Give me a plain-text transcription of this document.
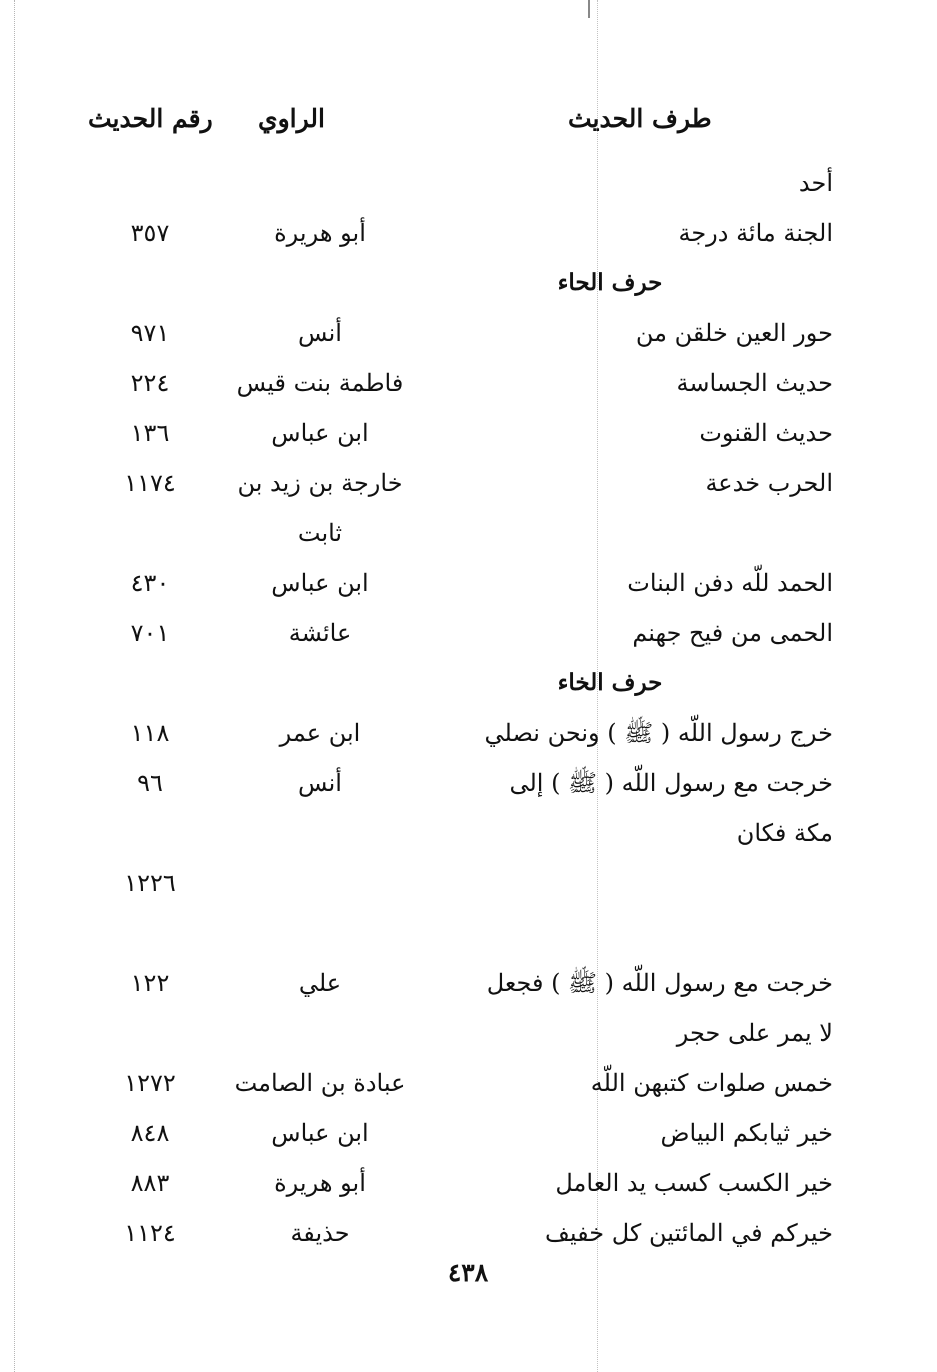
طرف الحديث
الراوي
رقم الحديث
أحد
الجنة مائة درجة
أبو هريرة
٣٥٧
حرف الحاء
حور العين خلقن من
أنس
٩٧١
حديث الجساسة
فاطمة بنت قيس
٢٢٤
حديث القنوت
ابن عباس
١٣٦
الحرب خدعة
خارجة بن زيد بن
١١٧٤
ثابت
الحمد للّه دفن البنات
ابن عباس
٤٣٠
الحمى من فيح جهنم
عائشة
٧٠١
حرف الخاء
خرج رسول اللّه ( ﷺ ) ونحن نصلي
ابن عمر
١١٨
خرجت مع رسول اللّه ( ﷺ ) إلى
أنس
٩٦
مكة فكان
١٢٢٦
خرجت مع رسول اللّه ( ﷺ ) فجعل
علي
١٢٢
لا يمر على حجر
خمس صلوات كتبهن اللّه
عبادة بن الصامت
١٢٧٢
خير ثيابكم البياض
ابن عباس
٨٤٨
خير الكسب كسب يد العامل
أبو هريرة
٨٨٣
خيركم في المائتين كل خفيف
حذيفة
١١٢٤
٤٣٨
